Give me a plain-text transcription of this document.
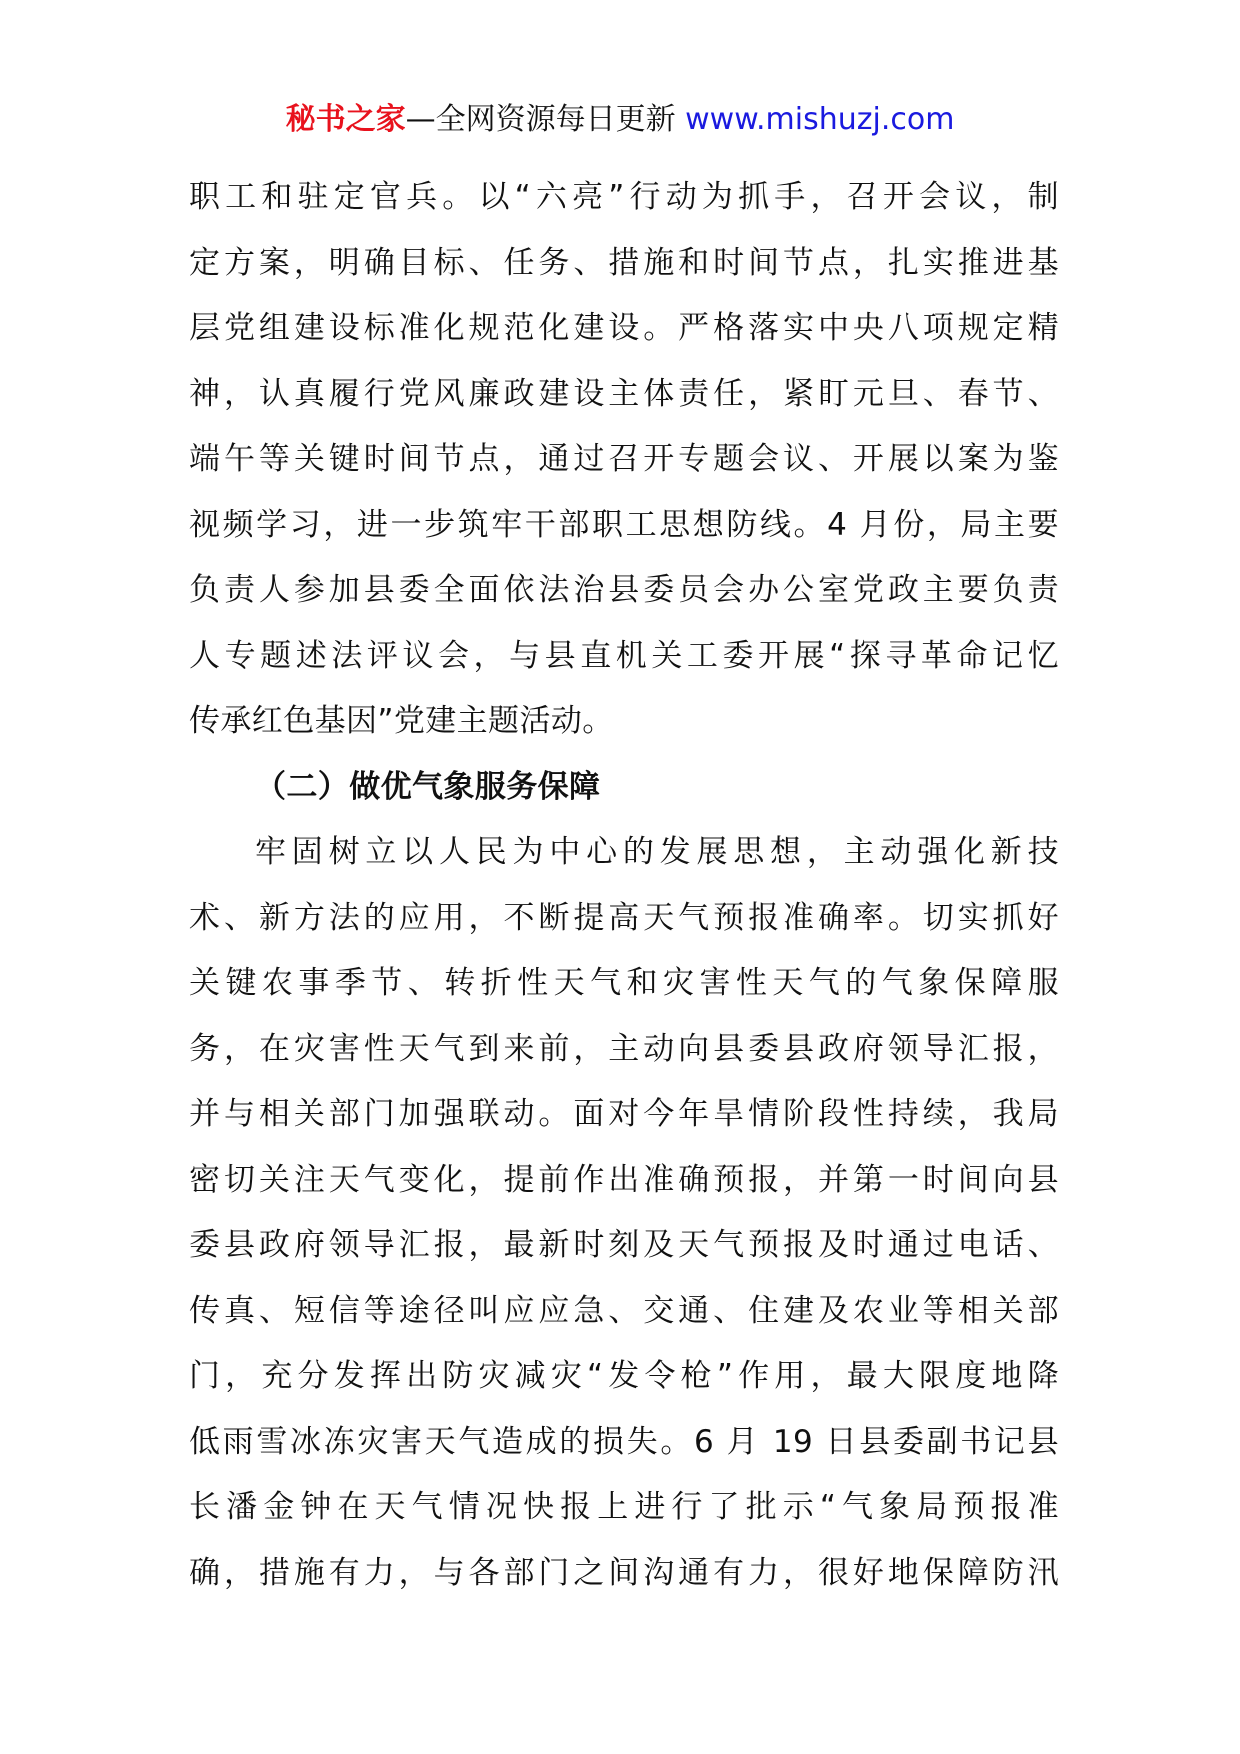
秘书之家—全网资源每日更新 www.mishuzj.com
职工和驻定官兵。以“六亮”行动为抓手，召开会议，制
定方案，明确目标、任务、措施和时间节点，扎实推进基
层党组建设标准化规范化建设。严格落实中央八项规定精
神，认真履行党风廉政建设主体责任，紧盯元旦、春节、
端午等关键时间节点，通过召开专题会议、开展以案为鉴
视频学习，进一步筑牢干部职工思想防线。4 月份，局主要
负责人参加县委全面依法治县委员会办公室党政主要负责
人专题述法评议会，与县直机关工委开展“探寻革命记忆
传承红色基因”党建主题活动。
（二）做优气象服务保障
牢固树立以人民为中心的发展思想，主动强化新技
术、新方法的应用，不断提高天气预报准确率。切实抓好
关键农事季节、转折性天气和灾害性天气的气象保障服
务，在灾害性天气到来前，主动向县委县政府领导汇报，
并与相关部门加强联动。面对今年旱情阶段性持续，我局
密切关注天气变化，提前作出准确预报，并第一时间向县
委县政府领导汇报，最新时刻及天气预报及时通过电话、
传真、短信等途径叫应应急、交通、住建及农业等相关部
门，充分发挥出防灾减灾“发令枪”作用，最大限度地降
低雨雪冰冻灾害天气造成的损失。6 月 19 日县委副书记县
长潘金钟在天气情况快报上进行了批示“气象局预报准
确，措施有力，与各部门之间沟通有力，很好地保障防汛
